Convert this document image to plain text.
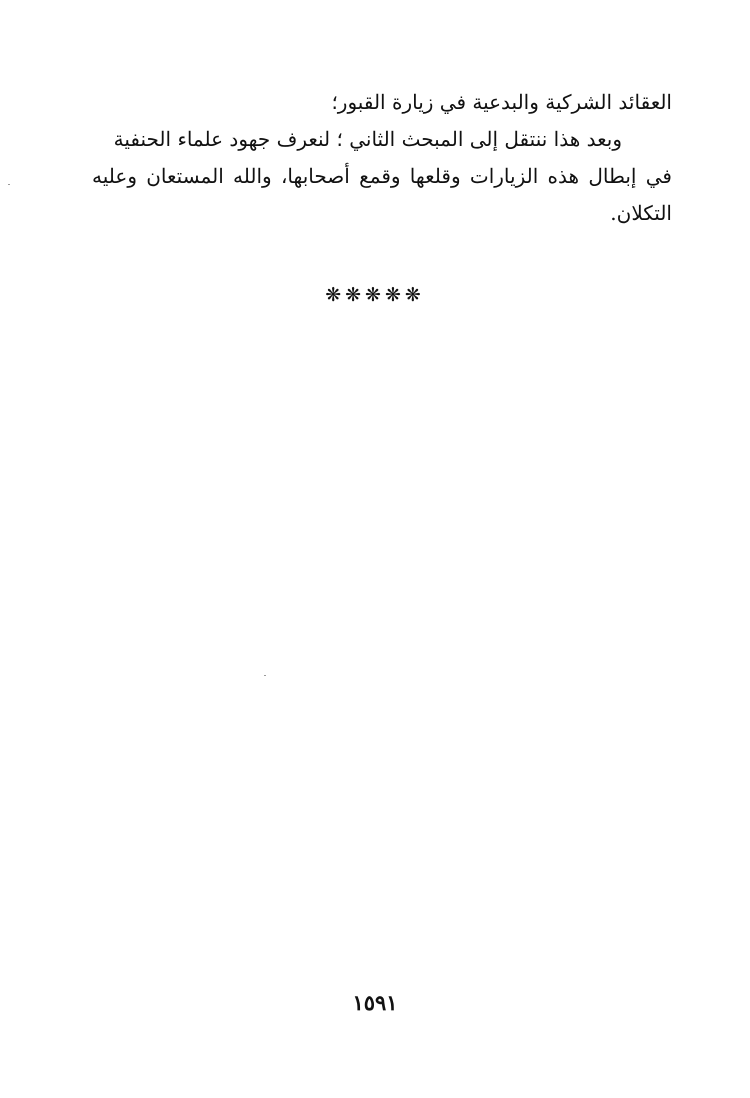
العقائد الشركية والبدعية في زيارة القبور؛
وبعد هذا ننتقل إلى المبحث الثاني ؛ لنعرف جهود علماء الحنفية
في إبطال هذه الزيارات وقلعها وقمع أصحابها، والله المستعان وعليه
التكلان.
❋❋❋❋❋
١٥٩١
